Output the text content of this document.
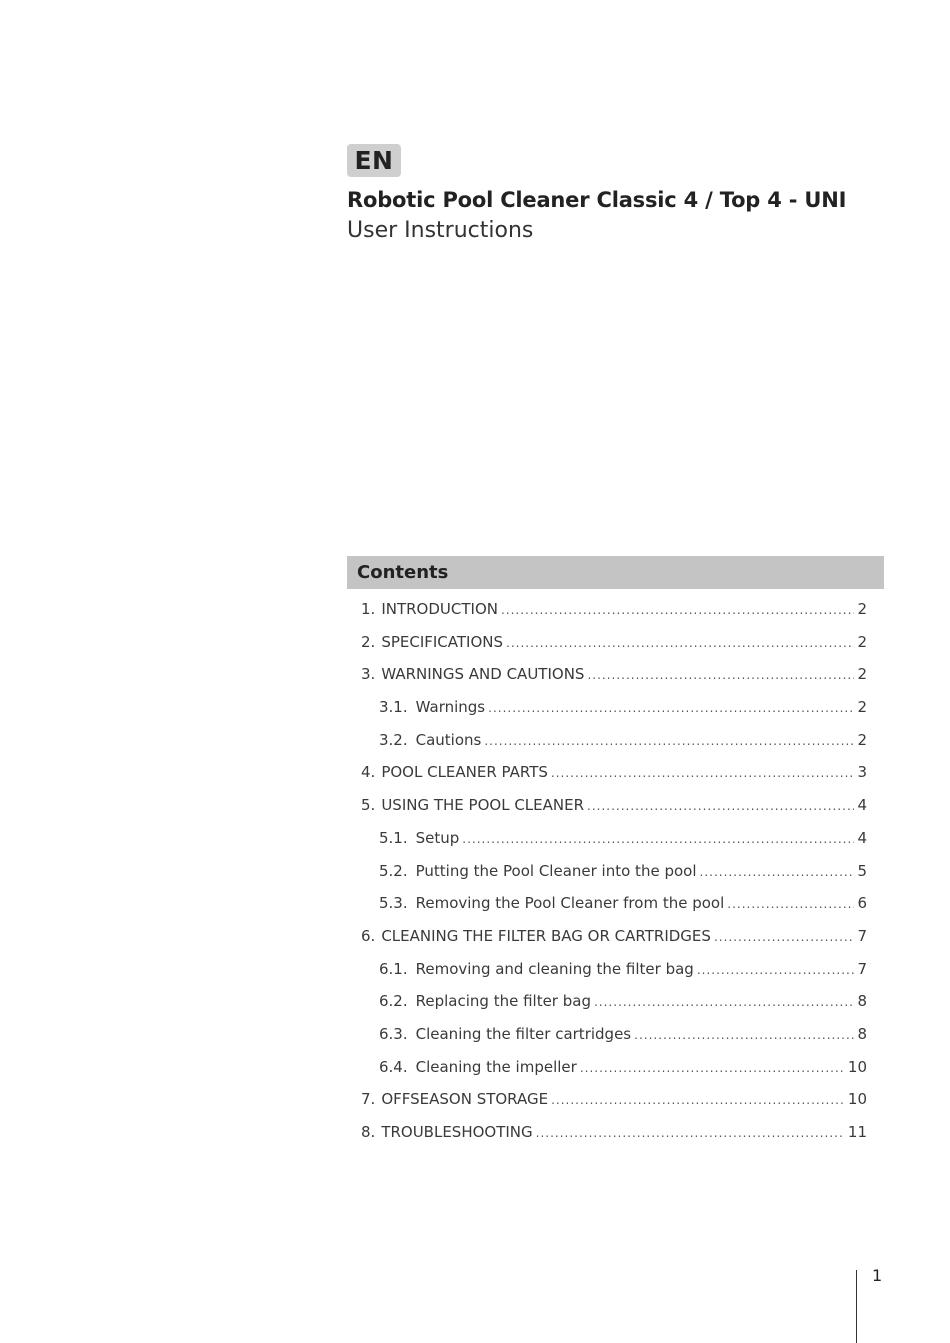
EN
Robotic Pool Cleaner Classic 4 / Top 4 - UNI
User Instructions
Contents
1. INTRODUCTION .....	2
2. SPECIFICATIONS .....	2
3. WARNINGS AND CAUTIONS .....	2
3.1. Warnings .....	2
3.2. Cautions .....	2
4. POOL CLEANER PARTS .....	3
5. USING THE POOL CLEANER .....	4
5.1. Setup .....	4
5.2. Putting the Pool Cleaner into the pool .....	5
5.3. Removing the Pool Cleaner from the pool .....	6
6. CLEANING THE FILTER BAG OR CARTRIDGES .....	7
6.1. Removing and cleaning the filter bag .....	7
6.2. Replacing the filter bag .....	8
6.3. Cleaning the filter cartridges .....	8
6.4. Cleaning the impeller .....	10
7. OFFSEASON STORAGE .....	10
8. TROUBLESHOOTING .....	11
1
